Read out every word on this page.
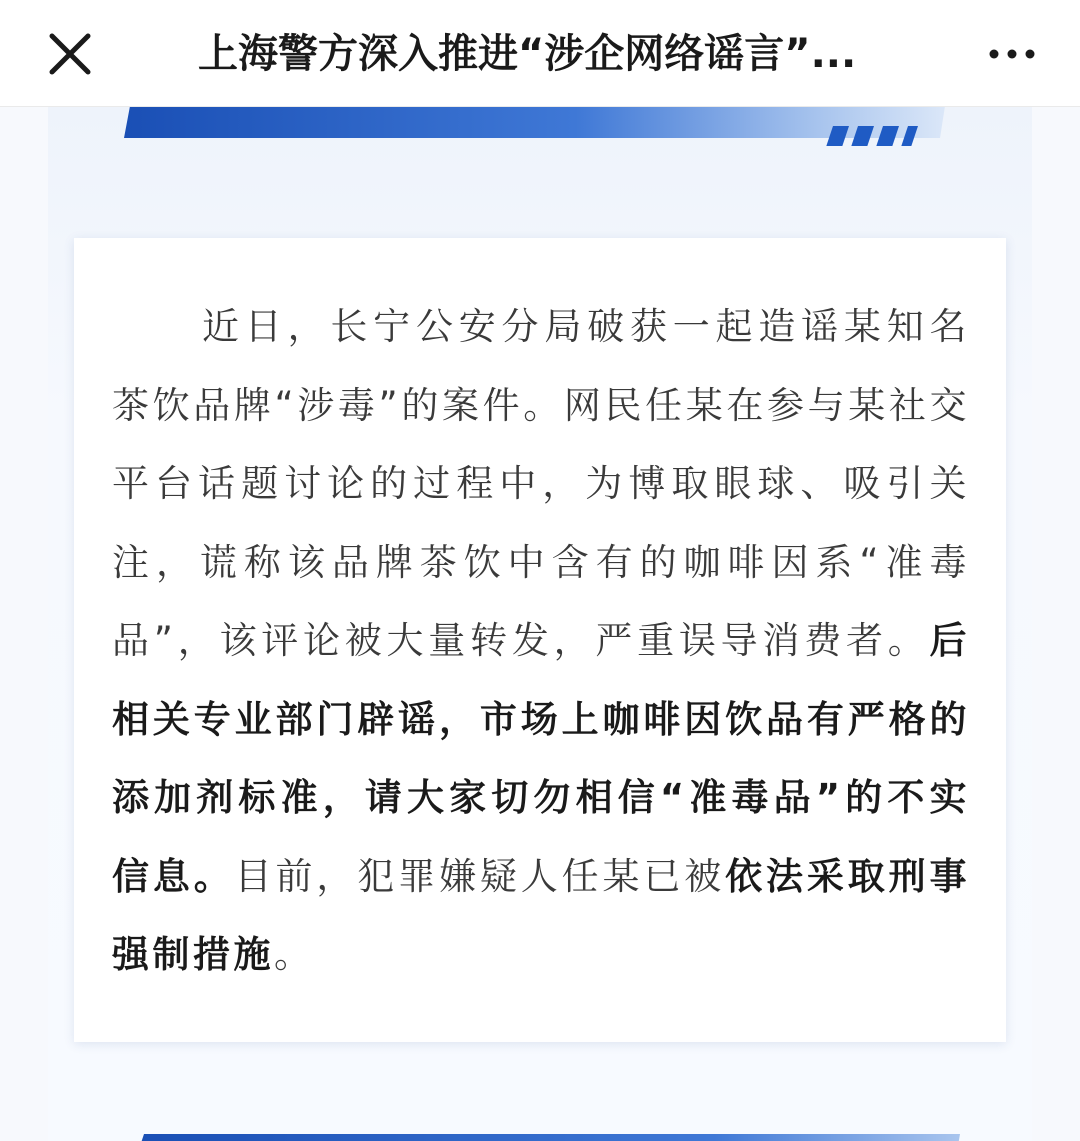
上海警方深入推进“涉企网络谣言”...

近日，长宁公安分局破获一起造谣某知名茶饮品牌“涉毒”的案件。网民任某在参与某社交平台话题讨论的过程中，为博取眼球、吸引关注，谎称该品牌茶饮中含有的咖啡因系“准毒品”，该评论被大量转发，严重误导消费者。后相关专业部门辟谣，市场上咖啡因饮品有严格的添加剂标准，请大家切勿相信“准毒品”的不实信息。目前，犯罪嫌疑人任某已被依法采取刑事强制措施。
